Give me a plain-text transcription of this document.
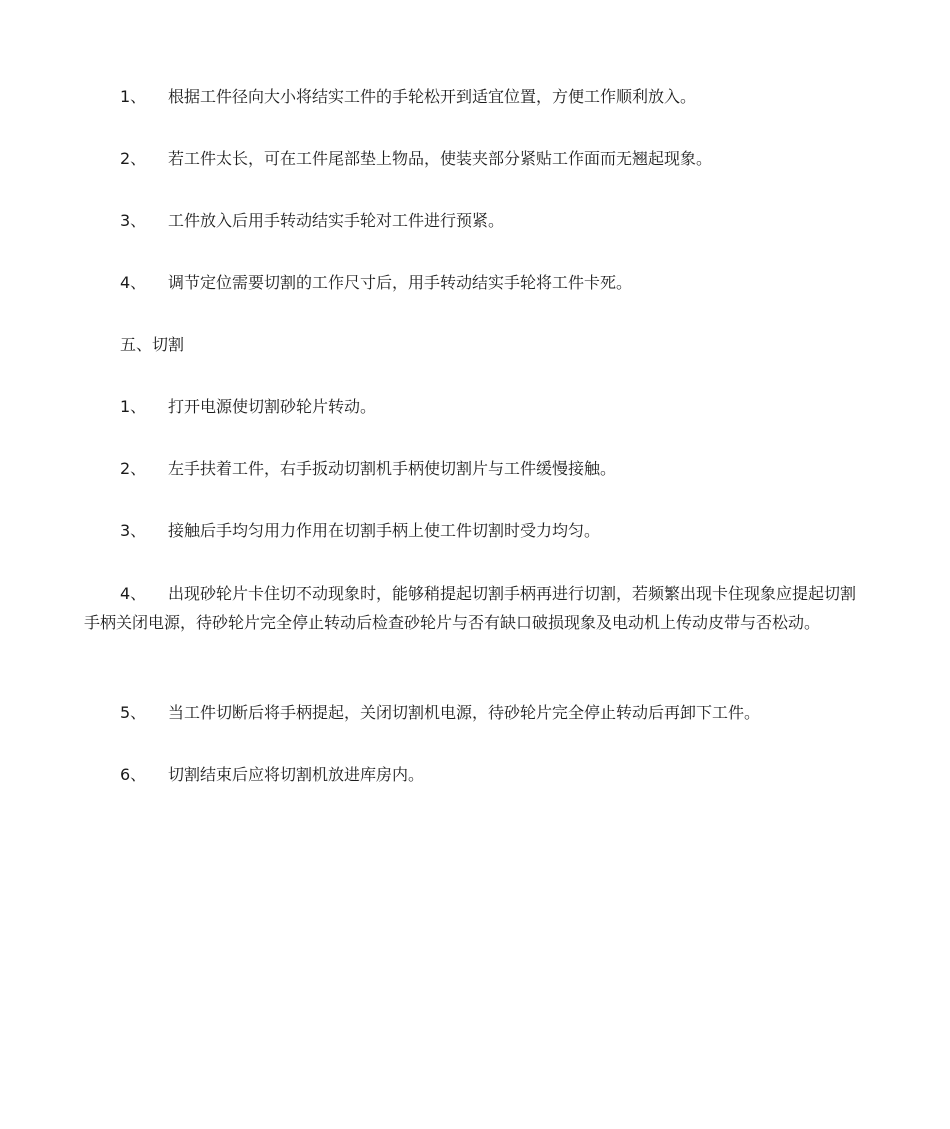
1、 根据工件径向大小将结实工件的手轮松开到适宜位置，方便工作顺利放入。
2、 若工件太长，可在工件尾部垫上物品，使装夹部分紧贴工作面而无翘起现象。
3、 工件放入后用手转动结实手轮对工件进行预紧。
4、 调节定位需要切割的工作尺寸后，用手转动结实手轮将工件卡死。
五、切割
1、 打开电源使切割砂轮片转动。
2、 左手扶着工件，右手扳动切割机手柄使切割片与工件缓慢接触。
3、 接触后手均匀用力作用在切割手柄上使工件切割时受力均匀。
4、 出现砂轮片卡住切不动现象时，能够稍提起切割手柄再进行切割，若频繁出现卡住现象应提起切割手柄关闭电源，待砂轮片完全停止转动后检查砂轮片与否有缺口破损现象及电动机上传动皮带与否松动。
5、 当工件切断后将手柄提起，关闭切割机电源，待砂轮片完全停止转动后再卸下工件。
6、 切割结束后应将切割机放进库房内。
